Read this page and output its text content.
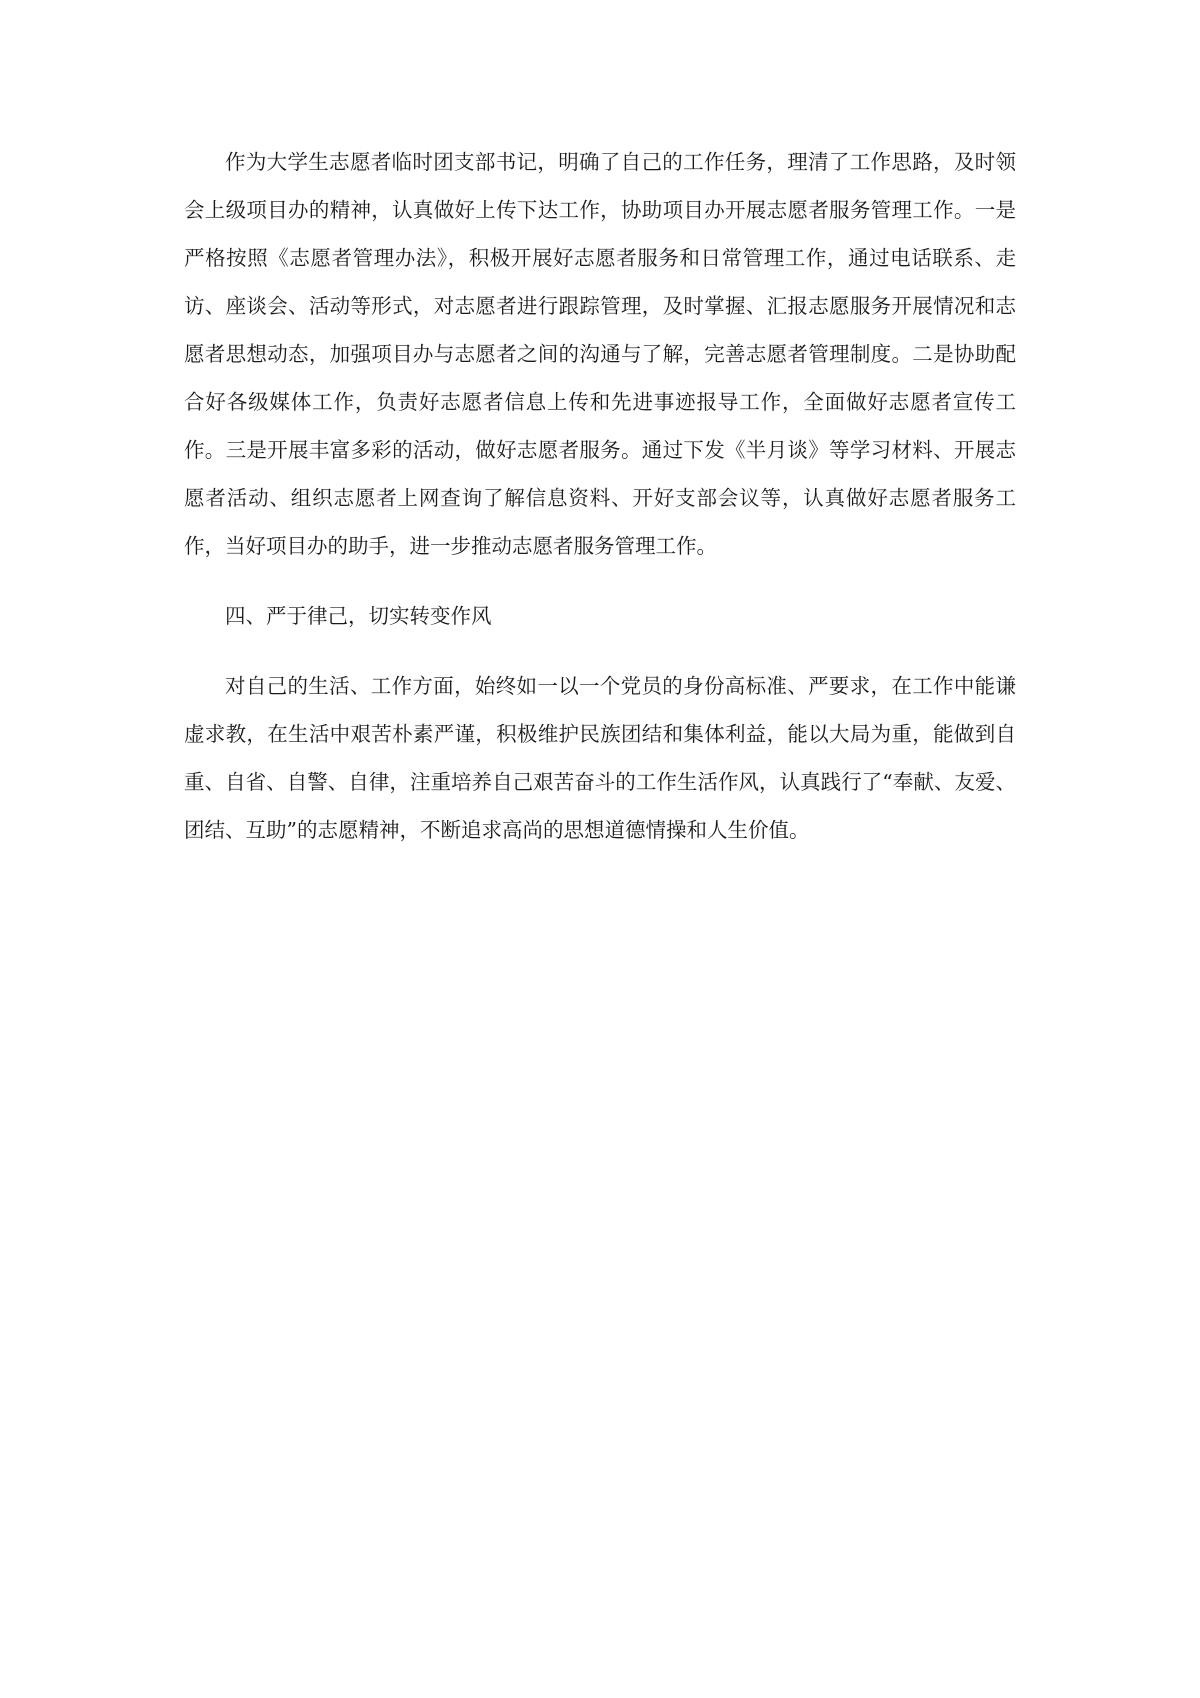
作为大学生志愿者临时团支部书记，明确了自己的工作任务，理清了工作思路，及时领会上级项目办的精神，认真做好上传下达工作，协助项目办开展志愿者服务管理工作。一是严格按照《志愿者管理办法》，积极开展好志愿者服务和日常管理工作，通过电话联系、走访、座谈会、活动等形式，对志愿者进行跟踪管理，及时掌握、汇报志愿服务开展情况和志愿者思想动态，加强项目办与志愿者之间的沟通与了解，完善志愿者管理制度。二是协助配合好各级媒体工作，负责好志愿者信息上传和先进事迹报导工作，全面做好志愿者宣传工作。三是开展丰富多彩的活动，做好志愿者服务。通过下发《半月谈》等学习材料、开展志愿者活动、组织志愿者上网查询了解信息资料、开好支部会议等，认真做好志愿者服务工作，当好项目办的助手，进一步推动志愿者服务管理工作。

四、严于律己，切实转变作风

对自己的生活、工作方面，始终如一以一个党员的身份高标准、严要求，在工作中能谦虚求教，在生活中艰苦朴素严谨，积极维护民族团结和集体利益，能以大局为重，能做到自重、自省、自警、自律，注重培养自己艰苦奋斗的工作生活作风，认真践行了“奉献、友爱、团结、互助”的志愿精神，不断追求高尚的思想道德情操和人生价值。
